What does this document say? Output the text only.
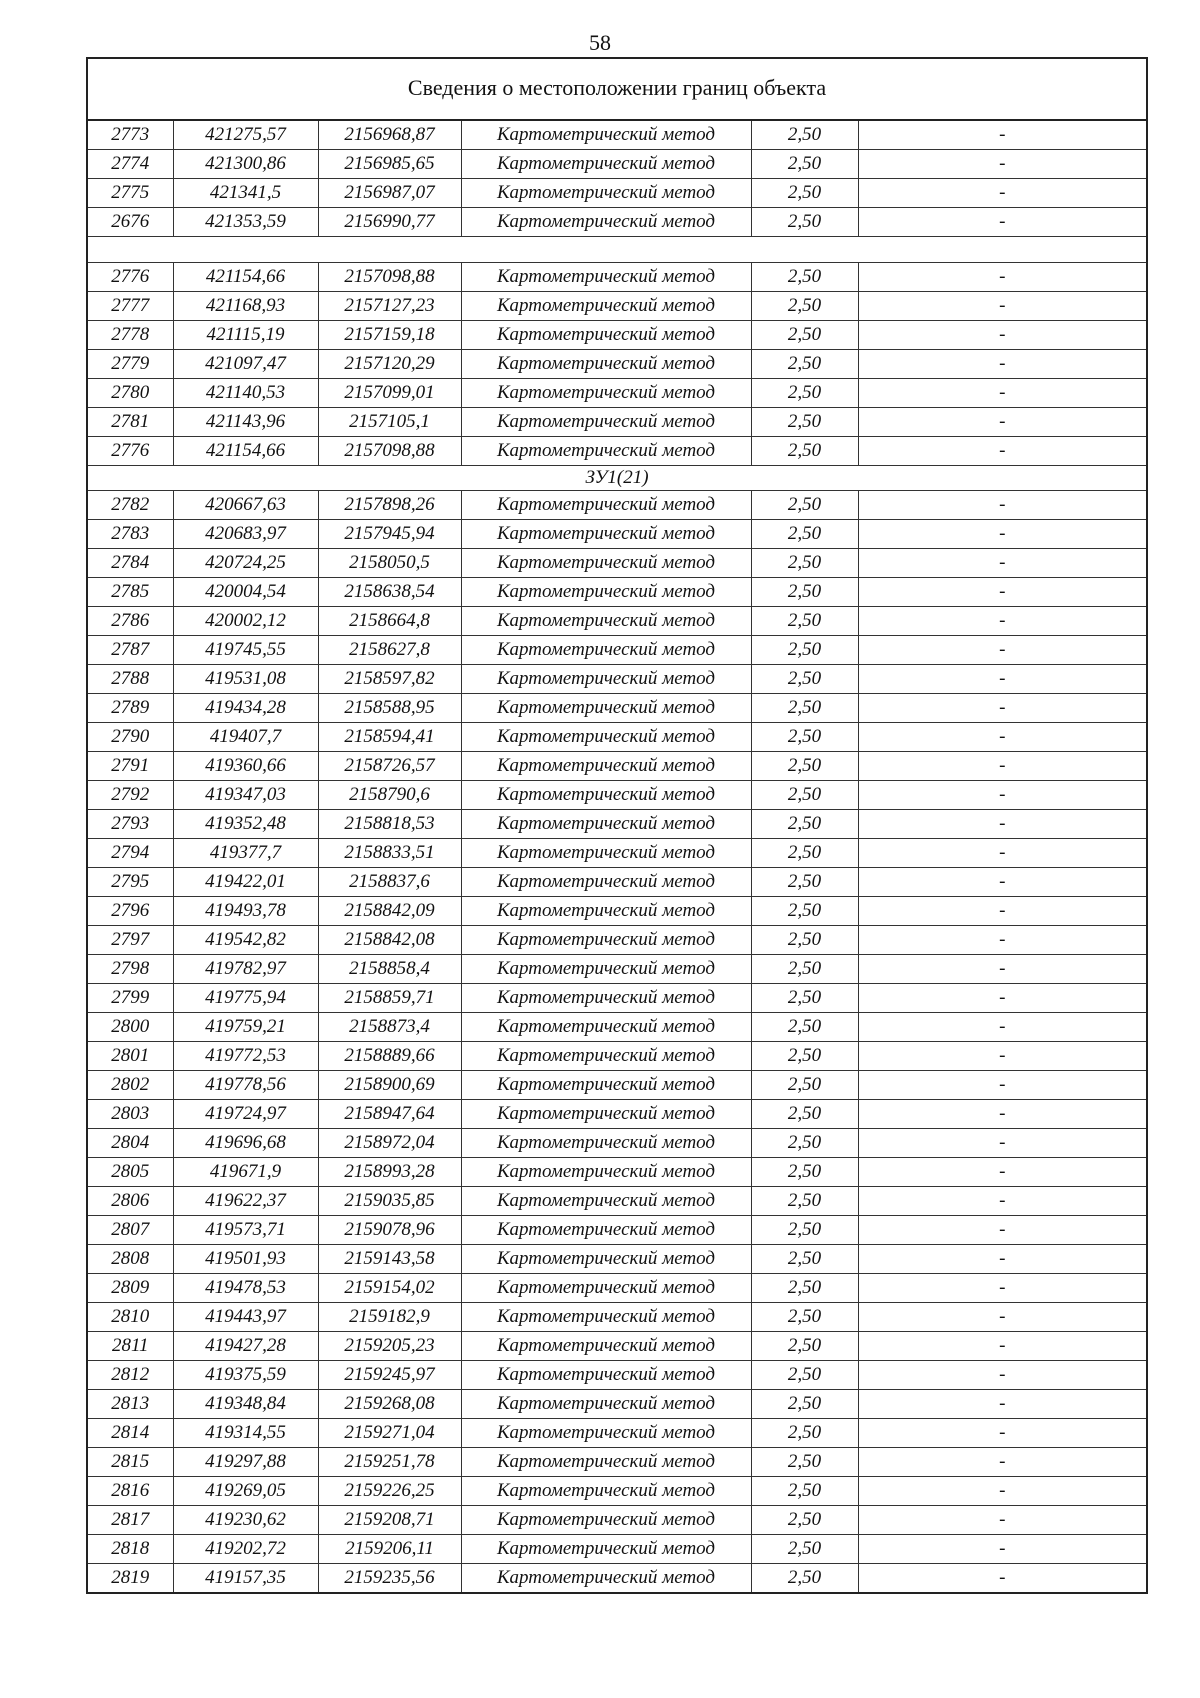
58
Сведения о местоположении границ объекта
2773	421275,57	2156968,87	Картометрический метод	2,50	-
2774	421300,86	2156985,65	Картометрический метод	2,50	-
2775	421341,5	2156987,07	Картометрический метод	2,50	-
2676	421353,59	2156990,77	Картометрический метод	2,50	-

2776	421154,66	2157098,88	Картометрический метод	2,50	-
2777	421168,93	2157127,23	Картометрический метод	2,50	-
2778	421115,19	2157159,18	Картометрический метод	2,50	-
2779	421097,47	2157120,29	Картометрический метод	2,50	-
2780	421140,53	2157099,01	Картометрический метод	2,50	-
2781	421143,96	2157105,1	Картометрический метод	2,50	-
2776	421154,66	2157098,88	Картометрический метод	2,50	-
ЗУ1(21)					
2782	420667,63	2157898,26	Картометрический метод	2,50	-
2783	420683,97	2157945,94	Картометрический метод	2,50	-
2784	420724,25	2158050,5	Картометрический метод	2,50	-
2785	420004,54	2158638,54	Картометрический метод	2,50	-
2786	420002,12	2158664,8	Картометрический метод	2,50	-
2787	419745,55	2158627,8	Картометрический метод	2,50	-
2788	419531,08	2158597,82	Картометрический метод	2,50	-
2789	419434,28	2158588,95	Картометрический метод	2,50	-
2790	419407,7	2158594,41	Картометрический метод	2,50	-
2791	419360,66	2158726,57	Картометрический метод	2,50	-
2792	419347,03	2158790,6	Картометрический метод	2,50	-
2793	419352,48	2158818,53	Картометрический метод	2,50	-
2794	419377,7	2158833,51	Картометрический метод	2,50	-
2795	419422,01	2158837,6	Картометрический метод	2,50	-
2796	419493,78	2158842,09	Картометрический метод	2,50	-
2797	419542,82	2158842,08	Картометрический метод	2,50	-
2798	419782,97	2158858,4	Картометрический метод	2,50	-
2799	419775,94	2158859,71	Картометрический метод	2,50	-
2800	419759,21	2158873,4	Картометрический метод	2,50	-
2801	419772,53	2158889,66	Картометрический метод	2,50	-
2802	419778,56	2158900,69	Картометрический метод	2,50	-
2803	419724,97	2158947,64	Картометрический метод	2,50	-
2804	419696,68	2158972,04	Картометрический метод	2,50	-
2805	419671,9	2158993,28	Картометрический метод	2,50	-
2806	419622,37	2159035,85	Картометрический метод	2,50	-
2807	419573,71	2159078,96	Картометрический метод	2,50	-
2808	419501,93	2159143,58	Картометрический метод	2,50	-
2809	419478,53	2159154,02	Картометрический метод	2,50	-
2810	419443,97	2159182,9	Картометрический метод	2,50	-
2811	419427,28	2159205,23	Картометрический метод	2,50	-
2812	419375,59	2159245,97	Картометрический метод	2,50	-
2813	419348,84	2159268,08	Картометрический метод	2,50	-
2814	419314,55	2159271,04	Картометрический метод	2,50	-
2815	419297,88	2159251,78	Картометрический метод	2,50	-
2816	419269,05	2159226,25	Картометрический метод	2,50	-
2817	419230,62	2159208,71	Картометрический метод	2,50	-
2818	419202,72	2159206,11	Картометрический метод	2,50	-
2819	419157,35	2159235,56	Картометрический метод	2,50	-
